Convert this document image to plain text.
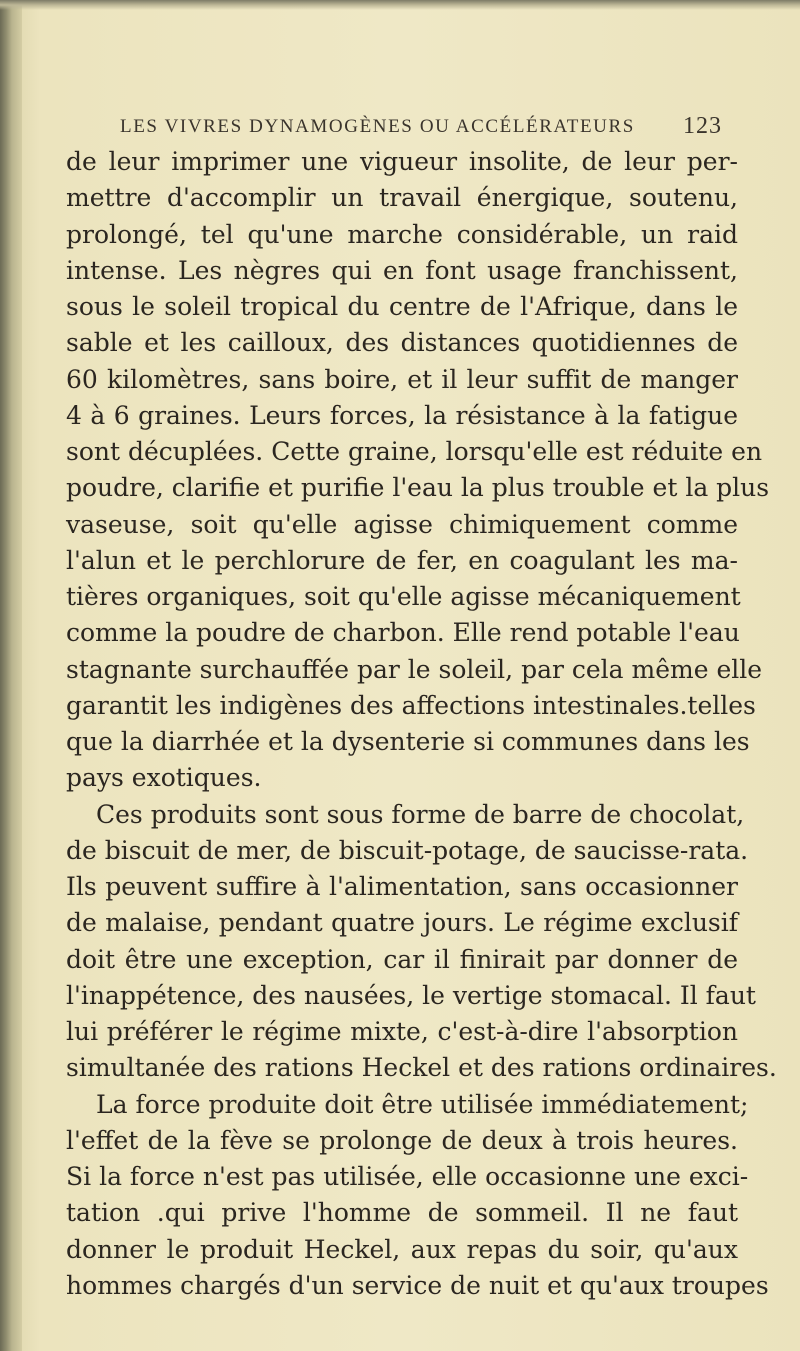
LES VIVRES DYNAMOGÈNES OU ACCÉLÉRATEURS 123
de leur imprimer une vigueur insolite, de leur per-
mettre d'accomplir un travail énergique, soutenu,
prolongé, tel qu'une marche considérable, un raid
intense. Les nègres qui en font usage franchissent,
sous le soleil tropical du centre de l'Afrique, dans le
sable et les cailloux, des distances quotidiennes de
60 kilomètres, sans boire, et il leur suffit de manger
4 à 6 graines. Leurs forces, la résistance à la fatigue
sont décuplées. Cette graine, lorsqu'elle est réduite en
poudre, clarifie et purifie l'eau la plus trouble et la plus
vaseuse, soit qu'elle agisse chimiquement comme
l'alun et le perchlorure de fer, en coagulant les ma-
tières organiques, soit qu'elle agisse mécaniquement
comme la poudre de charbon. Elle rend potable l'eau
stagnante surchauffée par le soleil, par cela même elle
garantit les indigènes des affections intestinales.telles
que la diarrhée et la dysenterie si communes dans les
pays exotiques.
Ces produits sont sous forme de barre de chocolat,
de biscuit de mer, de biscuit-potage, de saucisse-rata.
Ils peuvent suffire à l'alimentation, sans occasionner
de malaise, pendant quatre jours. Le régime exclusif
doit être une exception, car il finirait par donner de
l'inappétence, des nausées, le vertige stomacal. Il faut
lui préférer le régime mixte, c'est-à-dire l'absorption
simultanée des rations Heckel et des rations ordinaires.
La force produite doit être utilisée immédiatement;
l'effet de la fève se prolonge de deux à trois heures.
Si la force n'est pas utilisée, elle occasionne une exci-
tation .qui prive l'homme de sommeil. Il ne faut
donner le produit Heckel, aux repas du soir, qu'aux
hommes chargés d'un service de nuit et qu'aux troupes
